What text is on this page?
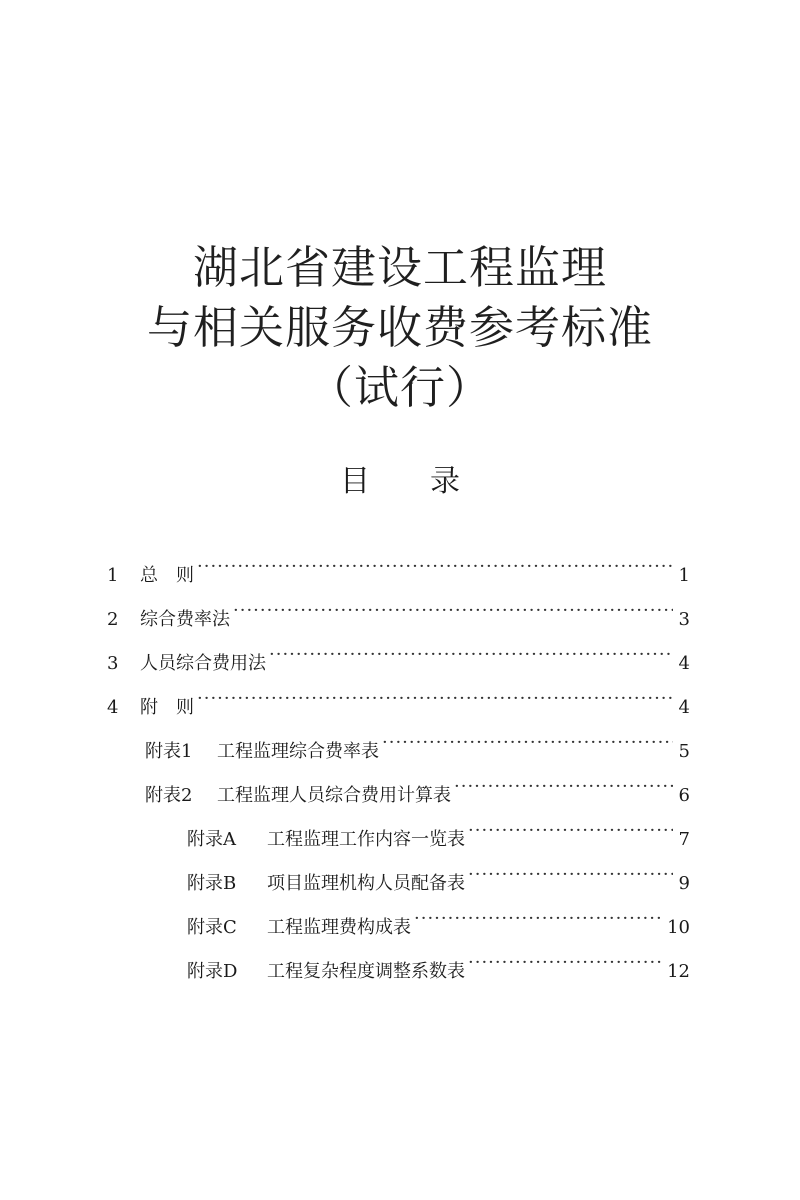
湖北省建设工程监理
与相关服务收费参考标准
（试行）
目 录
1	总　则 ·····	1
2	综合费率法 ·····	3
3	人员综合费用法 ·····	4
4	附　则 ·····	4
附表1	工程监理综合费率表 ·····	5
附表2	工程监理人员综合费用计算表 ·····	6
附录A	工程监理工作内容一览表 ·····	7
附录B	项目监理机构人员配备表 ·····	9
附录C	工程监理费构成表 ·····	10
附录D	工程复杂程度调整系数表 ·····	12
